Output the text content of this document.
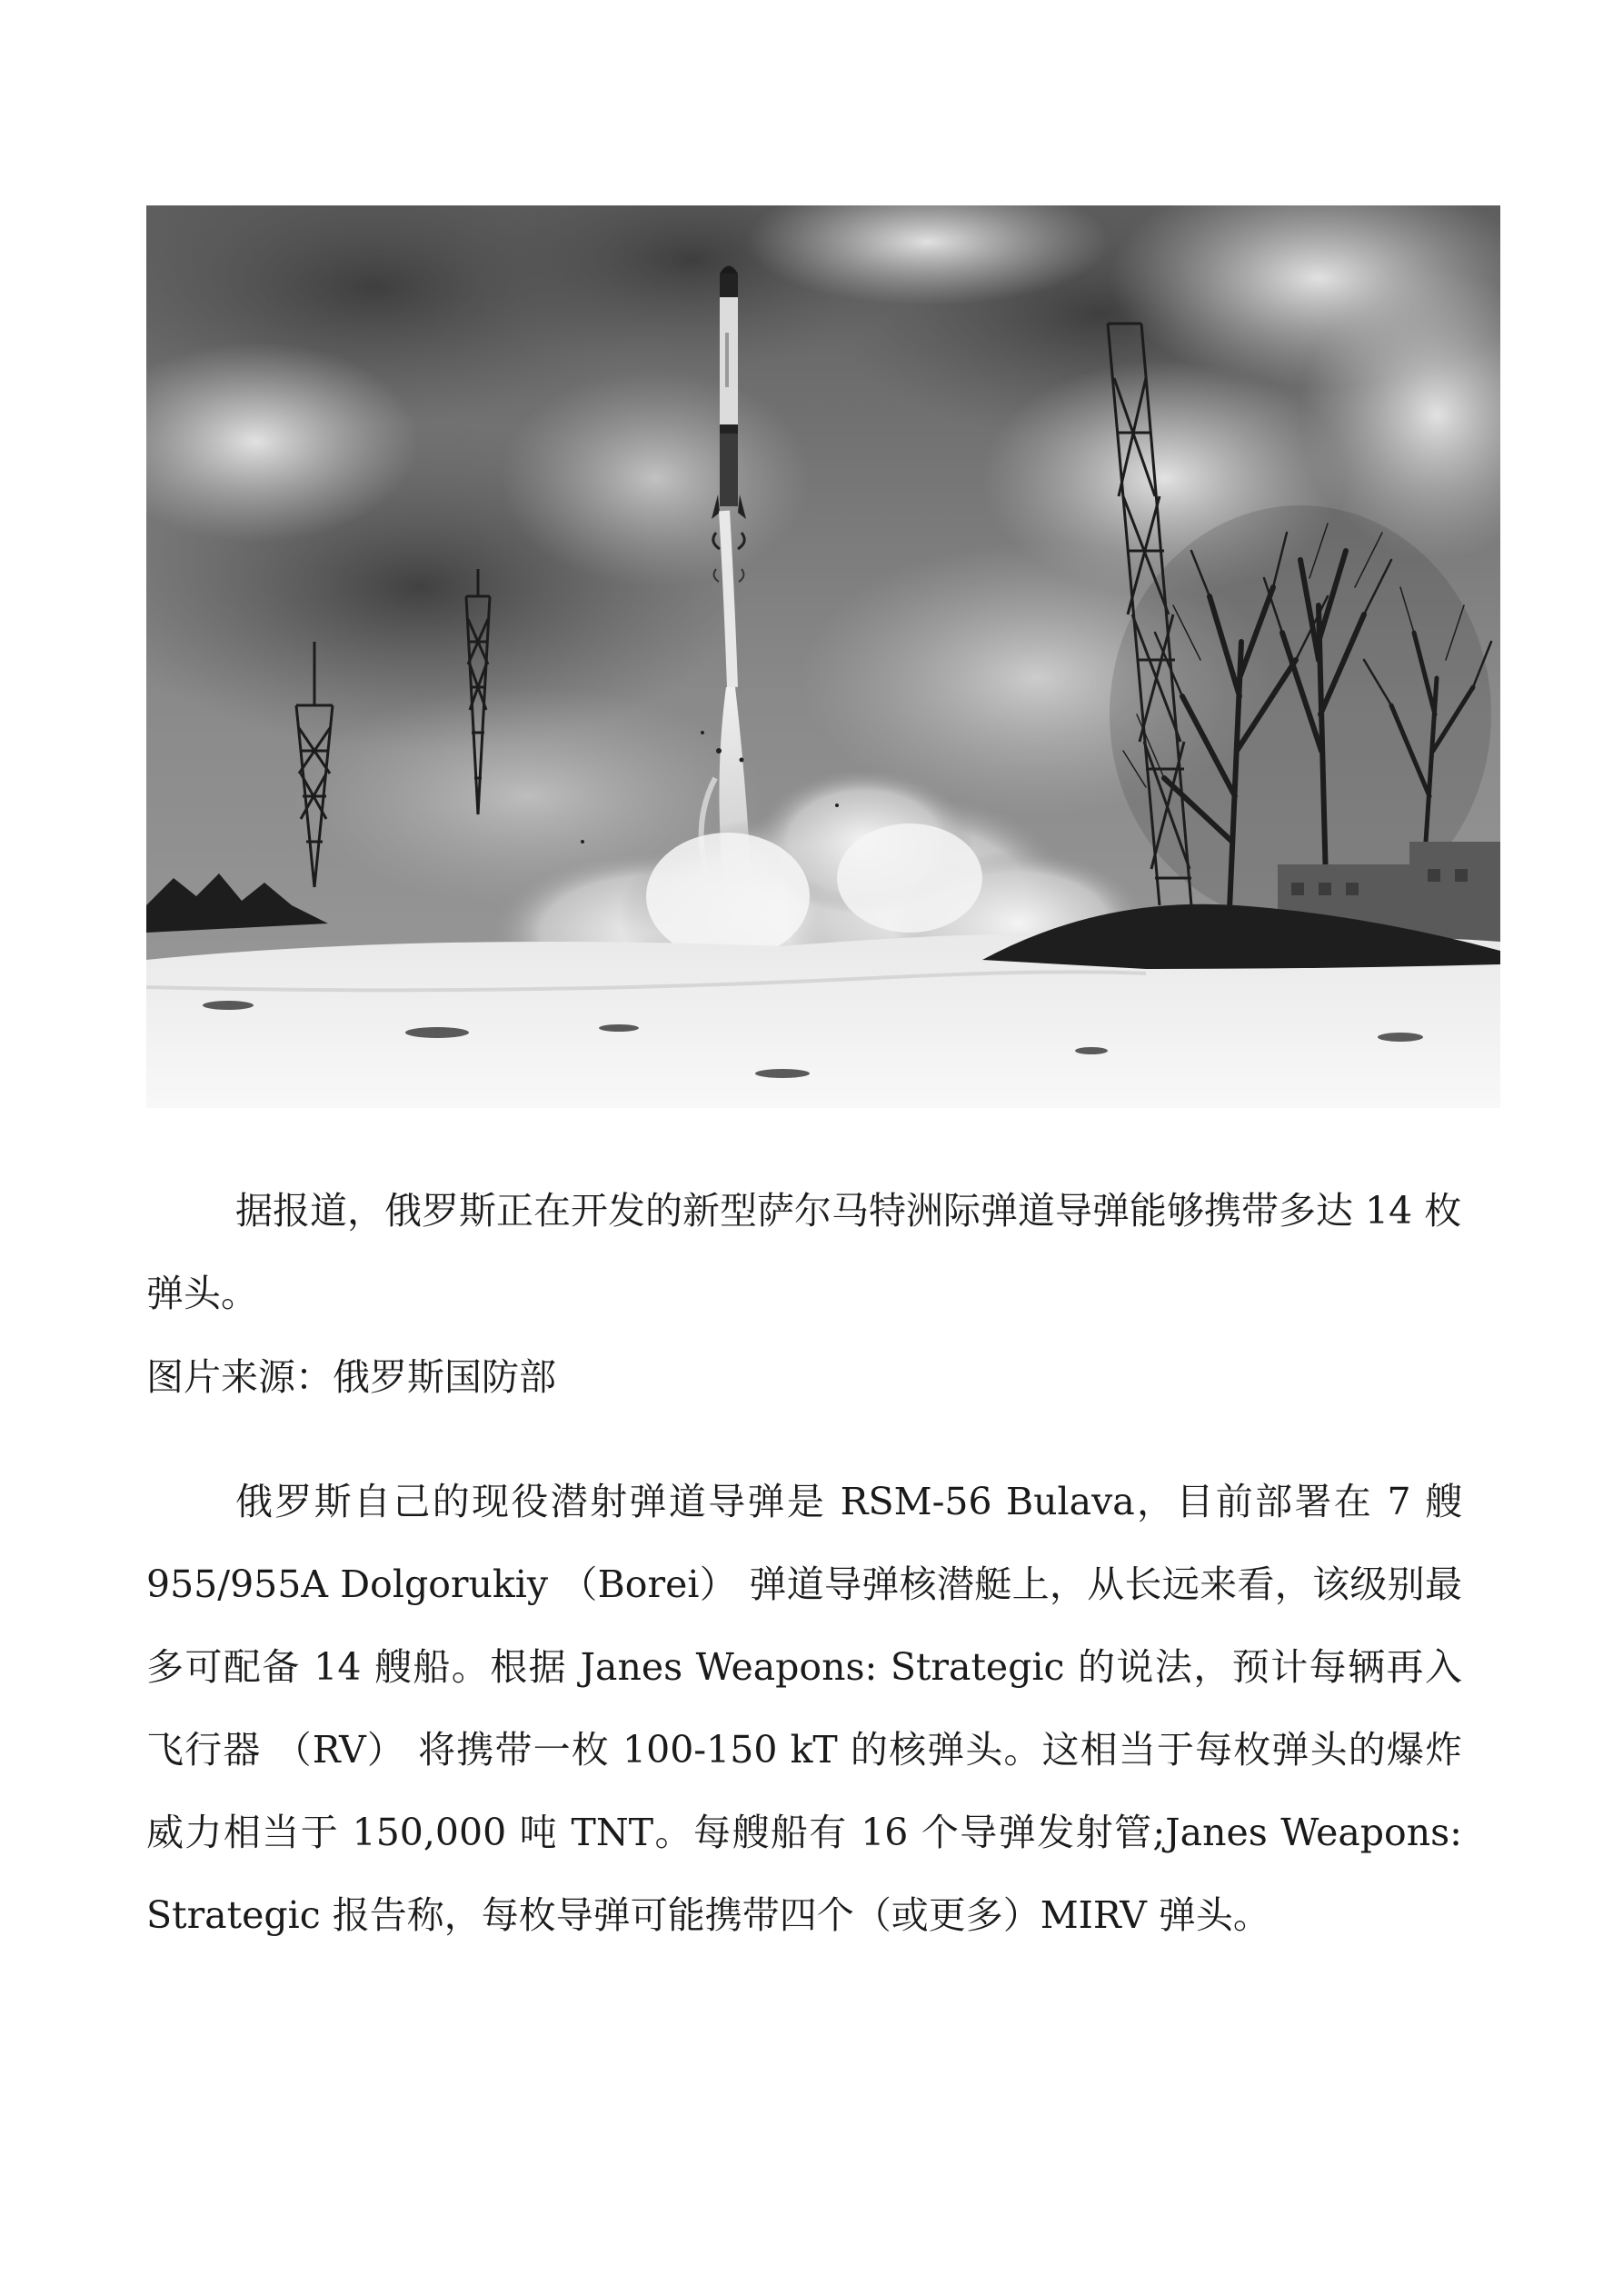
据报道，俄罗斯正在开发的新型萨尔马特洲际弹道导弹能够携带多达 14 枚弹头。

图片来源：俄罗斯国防部

俄罗斯自己的现役潜射弹道导弹是 RSM-56 Bulava，目前部署在 7 艘 955/955A Dolgorukiy （Borei） 弹道导弹核潜艇上，从长远来看，该级别最多可配备 14 艘船。根据 Janes Weapons: Strategic 的说法，预计每辆再入飞行器 （RV） 将携带一枚 100-150 kT 的核弹头。这相当于每枚弹头的爆炸威力相当于 150,000 吨 TNT。每艘船有 16 个导弹发射管;Janes Weapons: Strategic 报告称，每枚导弹可能携带四个（或更多）MIRV 弹头。
